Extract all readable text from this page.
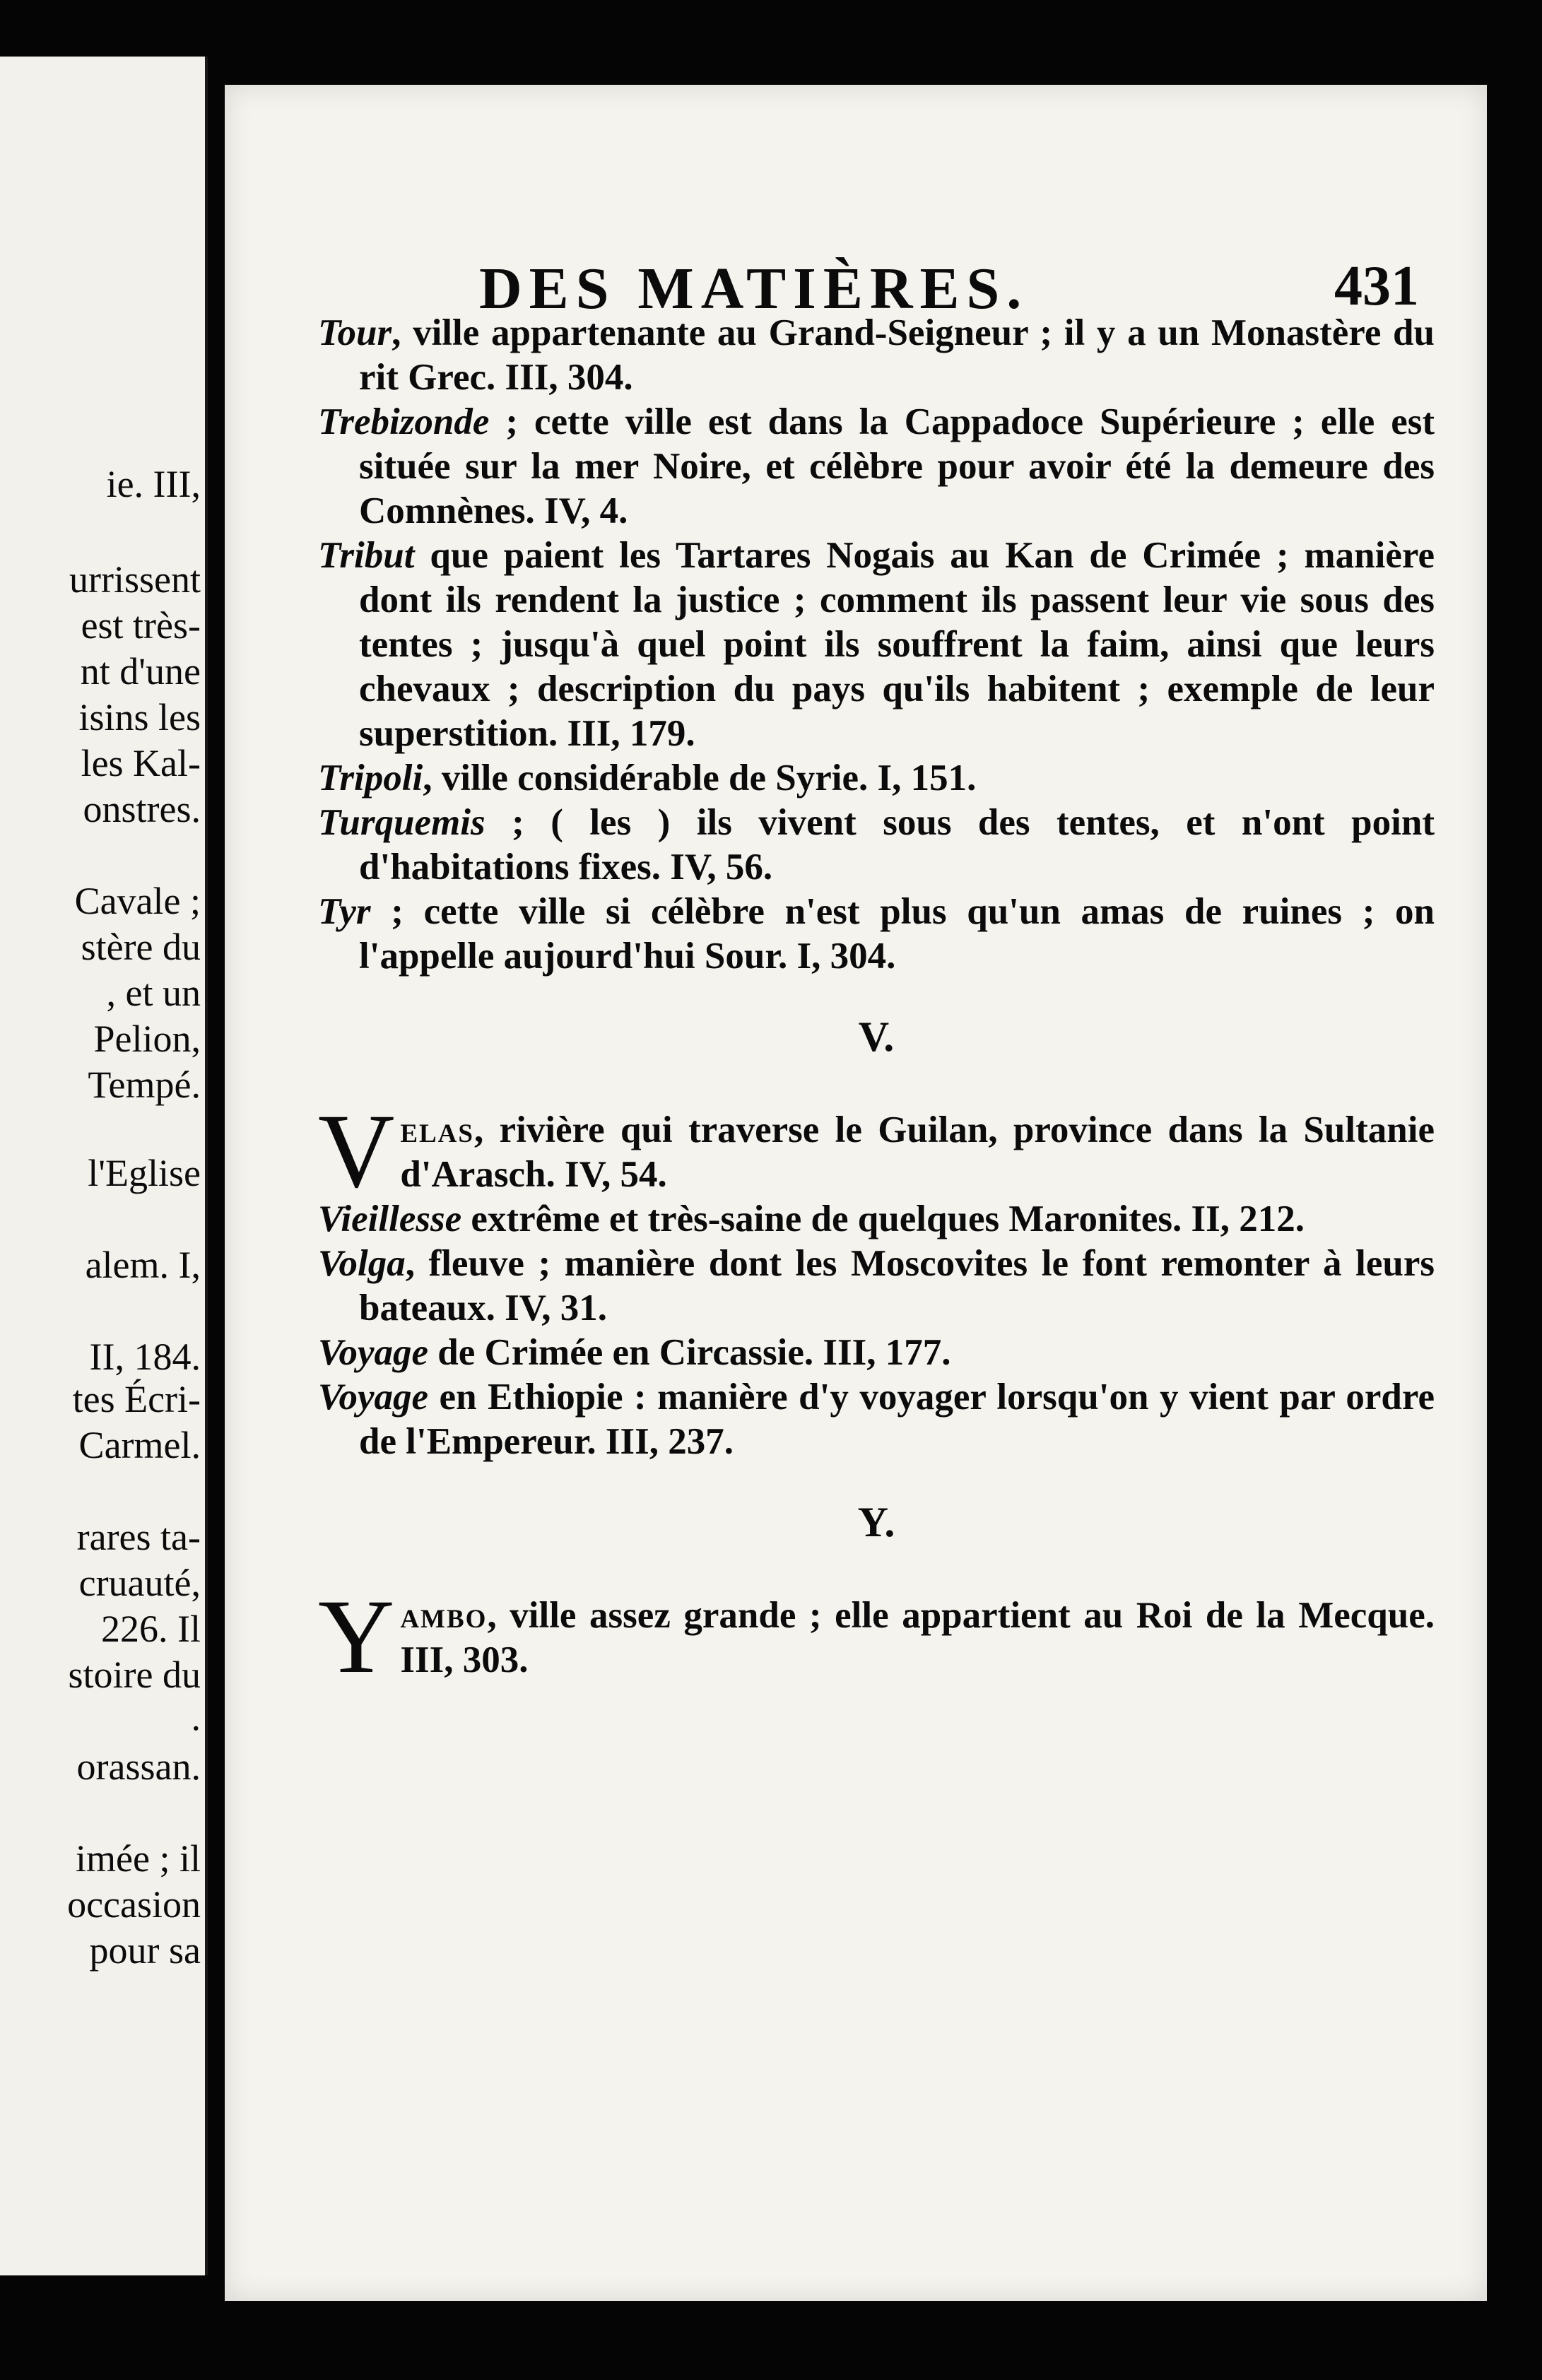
ie. III,
urrissent
est très-
nt d'une
isins les
les Kal-
onstres.
Cavale ;
stère du
, et un
Pelion,
Tempé.
l'Eglise
alem. I,
II, 184.
tes Écri-
Carmel.
rares ta-
cruauté,
226. Il
stoire du
.
orassan.
imée ; il
occasion
pour sa
DES MATIÈRES.	431

Tour, ville appartenante au Grand-Seigneur ; il y a un Monastère du rit Grec. III, 304.

Trebizonde ; cette ville est dans la Cappadoce Supérieure ; elle est située sur la mer Noire, et célèbre pour avoir été la demeure des Comnènes. IV, 4.

Tribut que paient les Tartares Nogais au Kan de Crimée ; manière dont ils rendent la justice ; comment ils passent leur vie sous des tentes ; jusqu'à quel point ils souffrent la faim, ainsi que leurs chevaux ; description du pays qu'ils habitent ; exemple de leur superstition. III, 179.

Tripoli, ville considérable de Syrie. I, 151.

Turquemis ; ( les ) ils vivent sous des tentes, et n'ont point d'habitations fixes. IV, 56.

Tyr ; cette ville si célèbre n'est plus qu'un amas de ruines ; on l'appelle aujourd'hui Sour. I, 304.

V.

Velas, rivière qui traverse le Guilan, province dans la Sultanie d'Arasch. IV, 54.

Vieillesse extrême et très-saine de quelques Maronites. II, 212.

Volga, fleuve ; manière dont les Moscovites le font remonter à leurs bateaux. IV, 31.

Voyage de Crimée en Circassie. III, 177.

Voyage en Ethiopie : manière d'y voyager lorsqu'on y vient par ordre de l'Empereur. III, 237.

Y.

Yambo, ville assez grande ; elle appartient au Roi de la Mecque. III, 303.
